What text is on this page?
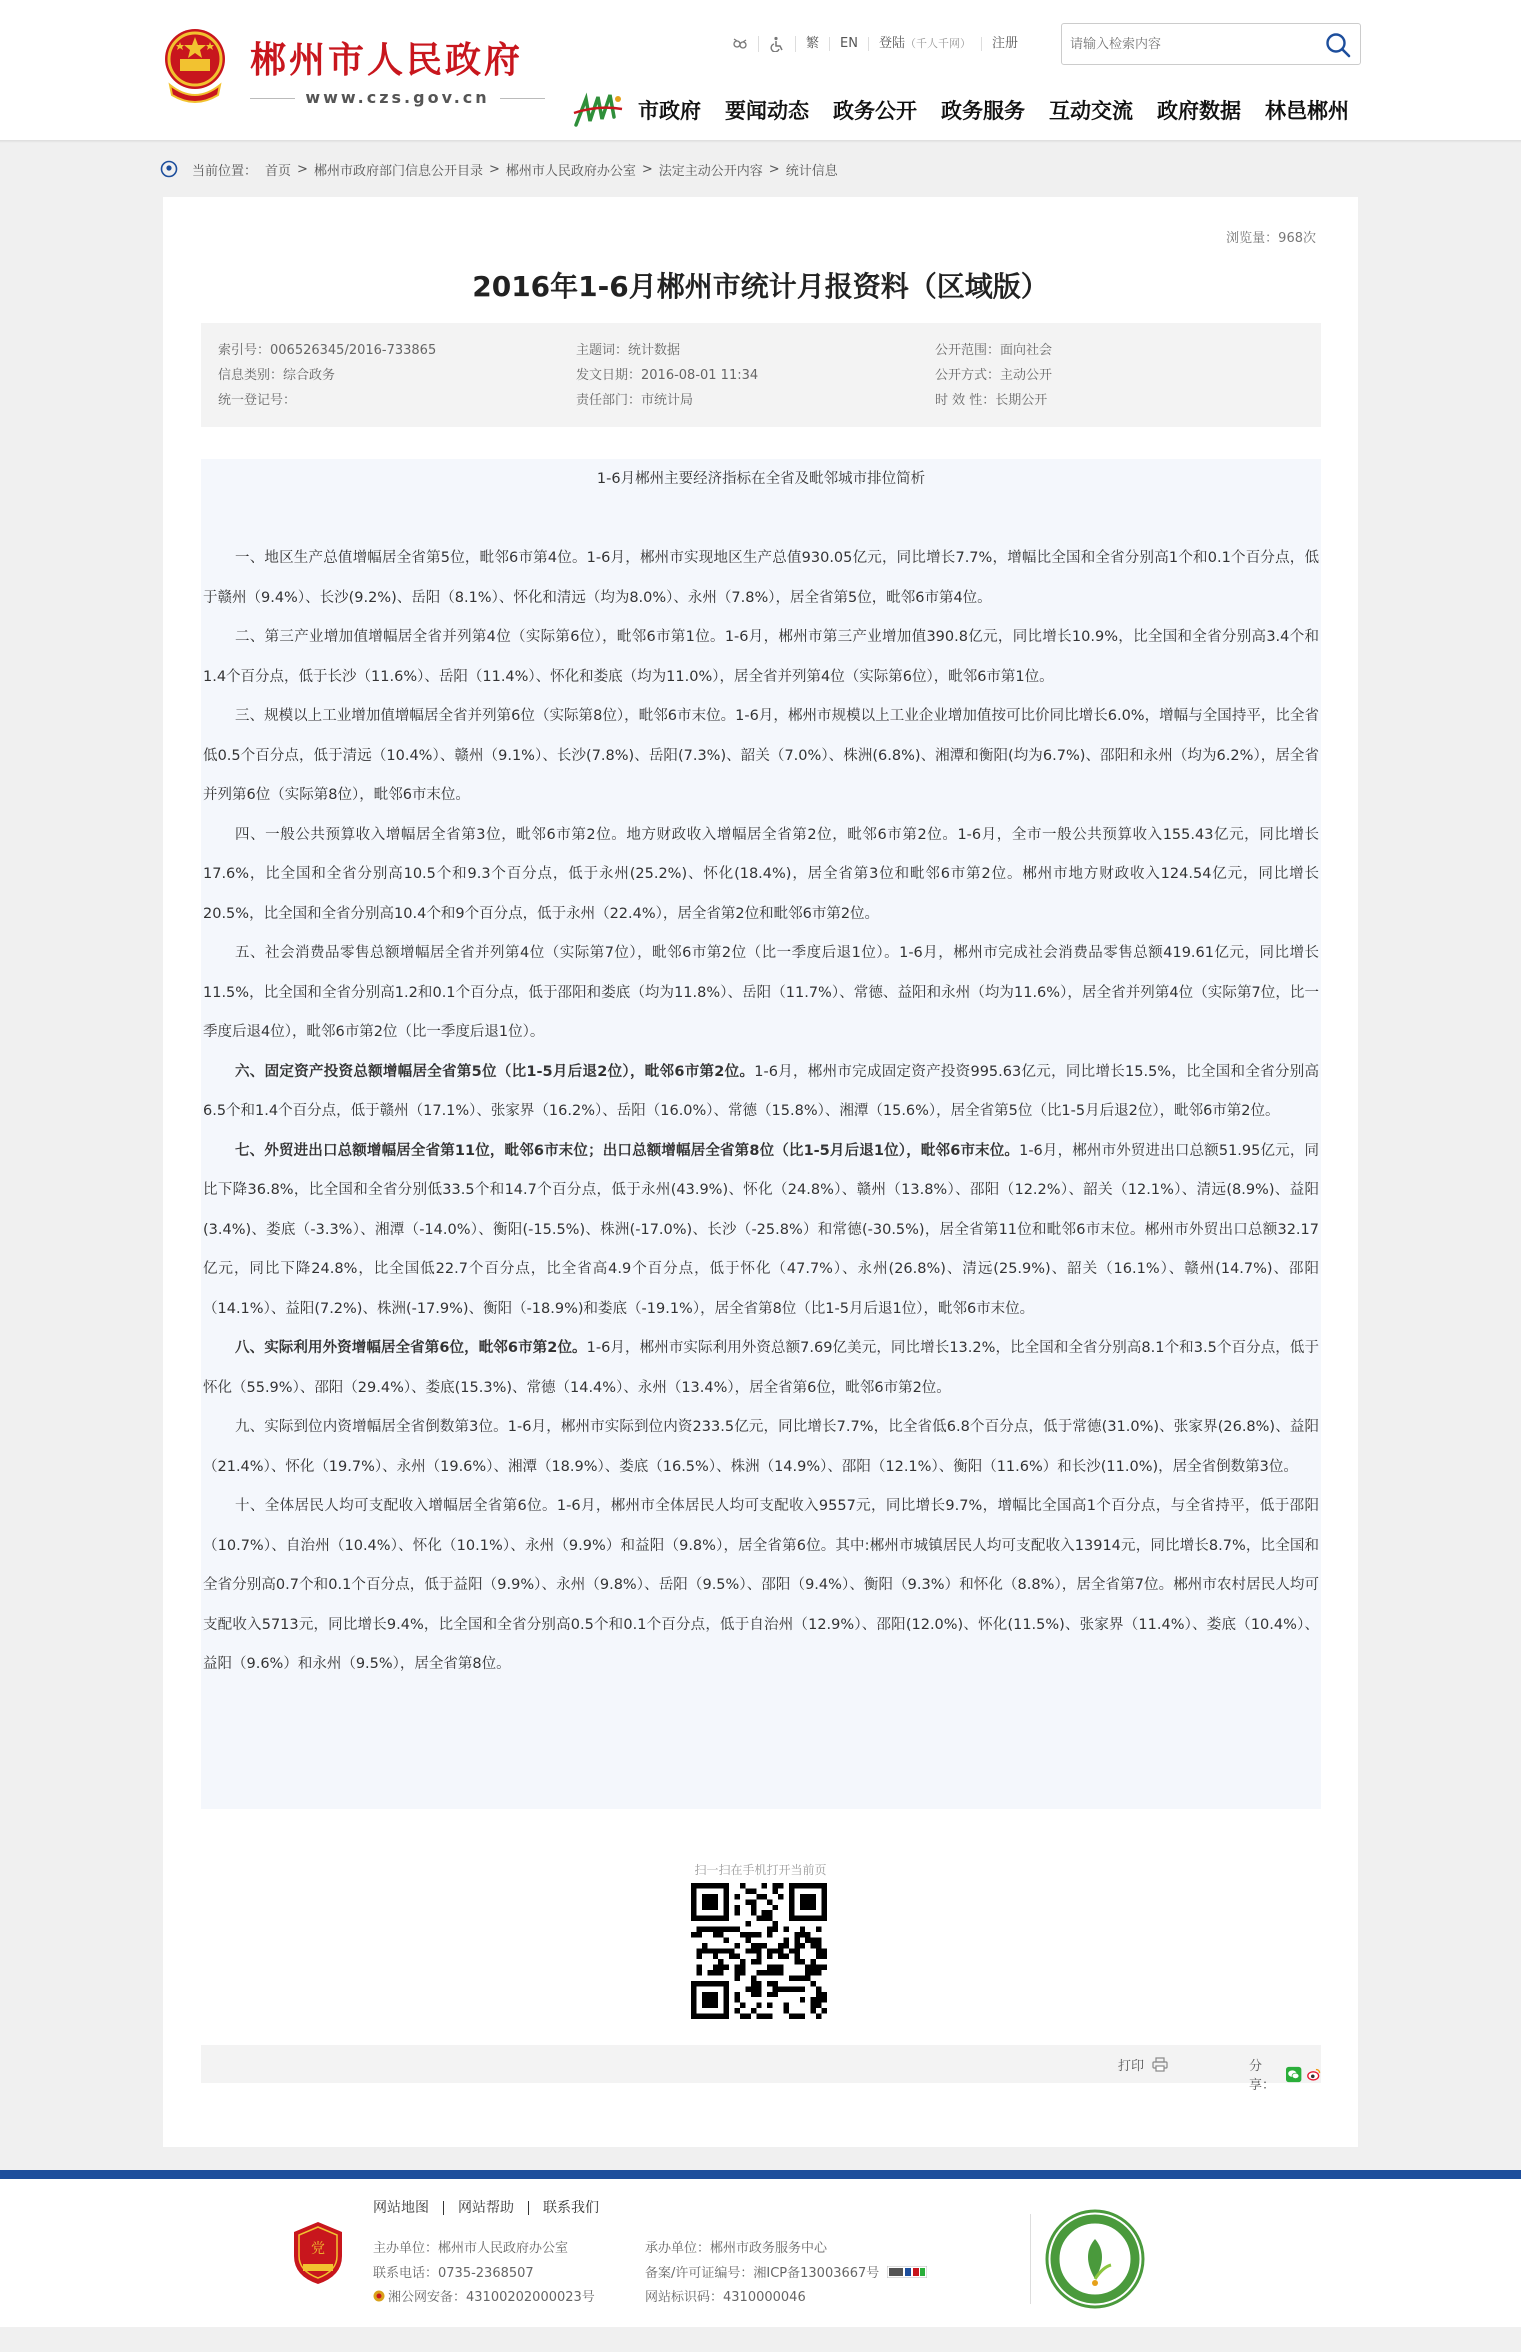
郴州市人民政府
www.czs.gov.cn
繁	EN	登陆 （千人千网）	注册
请输入检索内容
市政府 要闻动态 政务公开 政务服务 互动交流 政府数据 林邑郴州
当前位置： 首页 > 郴州市政府部门信息公开目录 > 郴州市人民政府办公室 > 法定主动公开内容 > 统计信息
浏览量：968次
2016年1-6月郴州市统计月报资料（区域版）
索引号：006526345/2016-733865	主题词：统计数据	公开范围：面向社会
信息类别：综合政务	发文日期：2016-08-01 11:34	公开方式：主动公开
统一登记号：	责任部门：市统计局	时 效 性：长期公开
1-6月郴州主要经济指标在全省及毗邻城市排位简析

一、地区生产总值增幅居全省第5位，毗邻6市第4位。1-6月，郴州市实现地区生产总值930.05亿元，同比增长7.7%，增幅比全国和全省分别高1个和0.1个百分点，低于赣州（9.4%）、长沙(9.2%)、岳阳（8.1%）、怀化和清远（均为8.0%）、永州（7.8%），居全省第5位，毗邻6市第4位。

二、第三产业增加值增幅居全省并列第4位（实际第6位），毗邻6市第1位。1-6月，郴州市第三产业增加值390.8亿元，同比增长10.9%，比全国和全省分别高3.4个和1.4个百分点，低于长沙（11.6%）、岳阳（11.4%）、怀化和娄底（均为11.0%），居全省并列第4位（实际第6位），毗邻6市第1位。

三、规模以上工业增加值增幅居全省并列第6位（实际第8位），毗邻6市末位。1-6月，郴州市规模以上工业企业增加值按可比价同比增长6.0%，增幅与全国持平，比全省低0.5个百分点，低于清远（10.4%）、赣州（9.1%）、长沙(7.8%)、岳阳(7.3%)、韶关（7.0%）、株洲(6.8%)、湘潭和衡阳(均为6.7%)、邵阳和永州（均为6.2%），居全省并列第6位（实际第8位），毗邻6市末位。

四、一般公共预算收入增幅居全省第3位，毗邻6市第2位。地方财政收入增幅居全省第2位，毗邻6市第2位。1-6月，全市一般公共预算收入155.43亿元，同比增长17.6%，比全国和全省分别高10.5个和9.3个百分点，低于永州(25.2%)、怀化(18.4%)，居全省第3位和毗邻6市第2位。郴州市地方财政收入124.54亿元，同比增长20.5%，比全国和全省分别高10.4个和9个百分点，低于永州（22.4%），居全省第2位和毗邻6市第2位。

五、社会消费品零售总额增幅居全省并列第4位（实际第7位），毗邻6市第2位（比一季度后退1位）。1-6月，郴州市完成社会消费品零售总额419.61亿元，同比增长11.5%，比全国和全省分别高1.2和0.1个百分点，低于邵阳和娄底（均为11.8%）、岳阳（11.7%）、常德、益阳和永州（均为11.6%），居全省并列第4位（实际第7位，比一季度后退4位），毗邻6市第2位（比一季度后退1位）。

六、固定资产投资总额增幅居全省第5位（比1-5月后退2位），毗邻6市第2位。1-6月，郴州市完成固定资产投资995.63亿元，同比增长15.5%，比全国和全省分别高6.5个和1.4个百分点，低于赣州（17.1%）、张家界（16.2%）、岳阳（16.0%）、常德（15.8%）、湘潭（15.6%），居全省第5位（比1-5月后退2位），毗邻6市第2位。

七、外贸进出口总额增幅居全省第11位，毗邻6市末位；出口总额增幅居全省第8位（比1-5月后退1位），毗邻6市末位。1-6月，郴州市外贸进出口总额51.95亿元，同比下降36.8%，比全国和全省分别低33.5个和14.7个百分点，低于永州(43.9%)、怀化（24.8%）、赣州（13.8%）、邵阳（12.2%）、韶关（12.1%）、清远(8.9%)、益阳(3.4%)、娄底（-3.3%）、湘潭（-14.0%）、衡阳(-15.5%)、株洲(-17.0%)、长沙（-25.8%）和常德(-30.5%)，居全省第11位和毗邻6市末位。郴州市外贸出口总额32.17亿元，同比下降24.8%，比全国低22.7个百分点，比全省高4.9个百分点，低于怀化（47.7%）、永州(26.8%)、清远(25.9%)、韶关（16.1%）、赣州(14.7%)、邵阳（14.1%）、益阳(7.2%)、株洲(-17.9%)、衡阳（-18.9%)和娄底（-19.1%），居全省第8位（比1-5月后退1位），毗邻6市末位。

八、实际利用外资增幅居全省第6位，毗邻6市第2位。1-6月，郴州市实际利用外资总额7.69亿美元，同比增长13.2%，比全国和全省分别高8.1个和3.5个百分点，低于怀化（55.9%）、邵阳（29.4%）、娄底(15.3%)、常德（14.4%）、永州（13.4%），居全省第6位，毗邻6市第2位。

九、实际到位内资增幅居全省倒数第3位。1-6月，郴州市实际到位内资233.5亿元，同比增长7.7%，比全省低6.8个百分点，低于常德(31.0%)、张家界(26.8%)、益阳（21.4%）、怀化（19.7%）、永州（19.6%）、湘潭（18.9%）、娄底（16.5%）、株洲（14.9%）、邵阳（12.1%）、衡阳（11.6%）和长沙(11.0%)，居全省倒数第3位。

十、全体居民人均可支配收入增幅居全省第6位。1-6月，郴州市全体居民人均可支配收入9557元，同比增长9.7%，增幅比全国高1个百分点，与全省持平，低于邵阳（10.7%）、自治州（10.4%）、怀化（10.1%）、永州（9.9%）和益阳（9.8%），居全省第6位。其中:郴州市城镇居民人均可支配收入13914元，同比增长8.7%，比全国和全省分别高0.7个和0.1个百分点，低于益阳（9.9%）、永州（9.8%）、岳阳（9.5%）、邵阳（9.4%）、衡阳（9.3%）和怀化（8.8%），居全省第7位。郴州市农村居民人均可支配收入5713元，同比增长9.4%，比全国和全省分别高0.5个和0.1个百分点，低于自治州（12.9%）、邵阳(12.0%)、怀化(11.5%)、张家界（11.4%）、娄底（10.4%）、益阳（9.6%）和永州（9.5%），居全省第8位。

扫一扫在手机打开当前页
打印	分享：
党
网站地图	网站帮助	联系我们
主办单位：郴州市人民政府办公室
联系电话：0735-2368507
湘公网安备：43100202000023号
承办单位：郴州市政务服务中心
备案/许可证编号：湘ICP备13003667号
网站标识码：4310000046
